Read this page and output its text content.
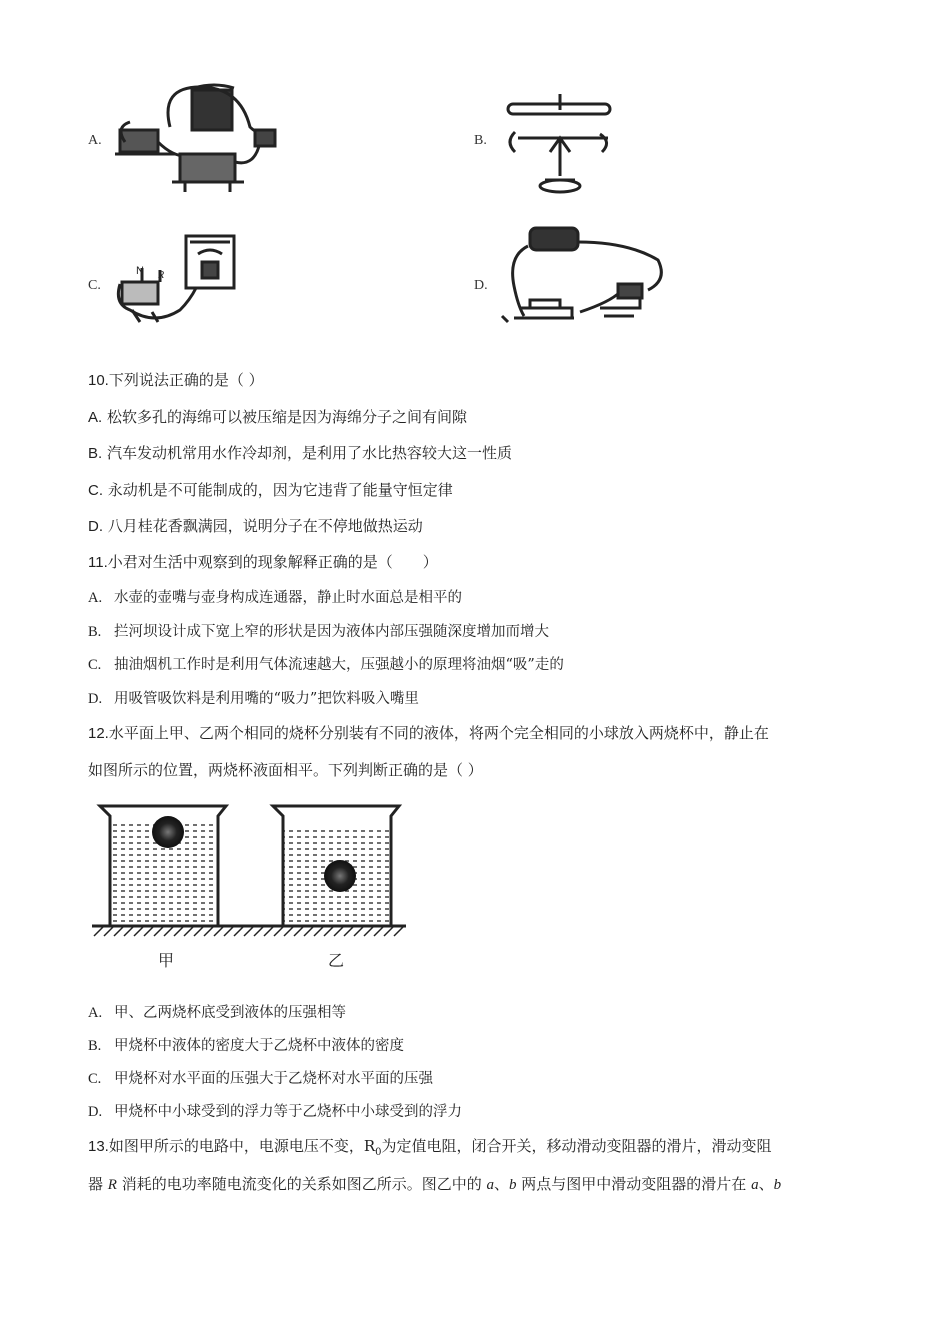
A.	B.
C.
N R
D.
10.下列说法正确的是（ ）
A. 松软多孔的海绵可以被压缩是因为海绵分子之间有间隙
B. 汽车发动机常用水作冷却剂，是利用了水比热容较大这一性质
C. 永动机是不可能制成的，因为它违背了能量守恒定律
D. 八月桂花香飘满园，说明分子在不停地做热运动
11.小君对生活中观察到的现象解释正确的是（　　）
A. 水壶的壶嘴与壶身构成连通器，静止时水面总是相平的
B. 拦河坝设计成下宽上窄的形状是因为液体内部压强随深度增加而增大
C. 抽油烟机工作时是利用气体流速越大，压强越小的原理将油烟“吸”走的
D. 用吸管吸饮料是利用嘴的“吸力”把饮料吸入嘴里
12.水平面上甲、乙两个相同的烧杯分别装有不同的液体，将两个完全相同的小球放入两烧杯中，静止在
如图所示的位置，两烧杯液面相平。下列判断正确的是（ ）
甲	乙
A. 甲、乙两烧杯底受到液体的压强相等
B. 甲烧杯中液体的密度大于乙烧杯中液体的密度
C. 甲烧杯对水平面的压强大于乙烧杯对水平面的压强
D. 甲烧杯中小球受到的浮力等于乙烧杯中小球受到的浮力
13.如图甲所示的电路中，电源电压不变，$R_0$为定值电阻，闭合开关，移动滑动变阻器的滑片，滑动变阻
器 R 消耗的电功率随电流变化的关系如图乙所示。图乙中的 a、b 两点与图甲中滑动变阻器的滑片在 a、b
